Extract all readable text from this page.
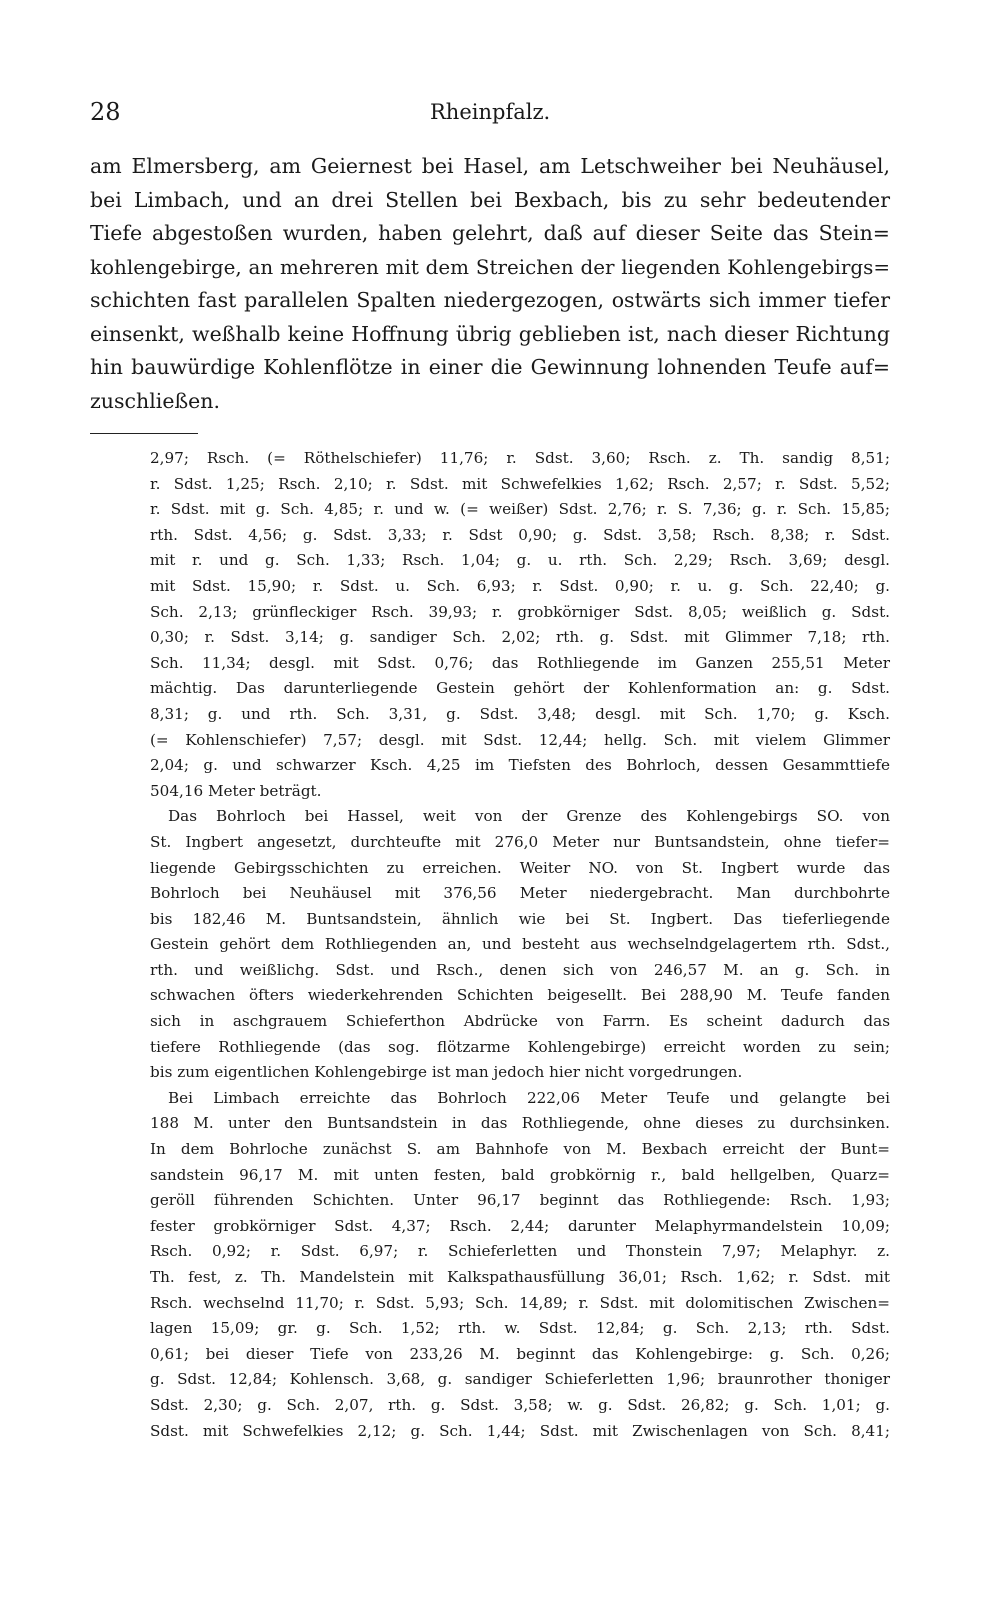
28	Rheinpfalz.
am Elmersberg, am Geiernest bei Hasel, am Letschweiher bei Neuhäusel,
bei Limbach, und an drei Stellen bei Bexbach, bis zu sehr bedeutender
Tiefe abgestoßen wurden, haben gelehrt, daß auf dieser Seite das Stein=
kohlengebirge, an mehreren mit dem Streichen der liegenden Kohlengebirgs=
schichten fast parallelen Spalten niedergezogen, ostwärts sich immer tiefer
einsenkt, weßhalb keine Hoffnung übrig geblieben ist, nach dieser Richtung
hin bauwürdige Kohlenflötze in einer die Gewinnung lohnenden Teufe auf=
zuschließen.
2,97; Rsch. (= Röthelschiefer) 11,76; r. Sdst. 3,60; Rsch. z. Th. sandig 8,51;
r. Sdst. 1,25; Rsch. 2,10; r. Sdst. mit Schwefelkies 1,62; Rsch. 2,57; r. Sdst. 5,52;
r. Sdst. mit g. Sch. 4,85; r. und w. (= weißer) Sdst. 2,76; r. S. 7,36; g. r. Sch. 15,85;
rth. Sdst. 4,56; g. Sdst. 3,33; r. Sdst 0,90; g. Sdst. 3,58; Rsch. 8,38; r. Sdst.
mit r. und g. Sch. 1,33; Rsch. 1,04; g. u. rth. Sch. 2,29; Rsch. 3,69; desgl.
mit Sdst. 15,90; r. Sdst. u. Sch. 6,93; r. Sdst. 0,90; r. u. g. Sch. 22,40; g.
Sch. 2,13; grünfleckiger Rsch. 39,93; r. grobkörniger Sdst. 8,05; weißlich g. Sdst.
0,30; r. Sdst. 3,14; g. sandiger Sch. 2,02; rth. g. Sdst. mit Glimmer 7,18; rth.
Sch. 11,34; desgl. mit Sdst. 0,76; das Rothliegende im Ganzen 255,51 Meter
mächtig. Das darunterliegende Gestein gehört der Kohlenformation an: g. Sdst.
8,31; g. und rth. Sch. 3,31, g. Sdst. 3,48; desgl. mit Sch. 1,70; g. Ksch.
(= Kohlenschiefer) 7,57; desgl. mit Sdst. 12,44; hellg. Sch. mit vielem Glimmer
2,04; g. und schwarzer Ksch. 4,25 im Tiefsten des Bohrloch, dessen Gesammttiefe
504,16 Meter beträgt.
Das Bohrloch bei Hassel, weit von der Grenze des Kohlengebirgs SO. von
St. Ingbert angesetzt, durchteufte mit 276,0 Meter nur Buntsandstein, ohne tiefer=
liegende Gebirgsschichten zu erreichen. Weiter NO. von St. Ingbert wurde das
Bohrloch bei Neuhäusel mit 376,56 Meter niedergebracht. Man durchbohrte
bis 182,46 M. Buntsandstein, ähnlich wie bei St. Ingbert. Das tieferliegende
Gestein gehört dem Rothliegenden an, und besteht aus wechselndgelagertem rth. Sdst.,
rth. und weißlichg. Sdst. und Rsch., denen sich von 246,57 M. an g. Sch. in
schwachen öfters wiederkehrenden Schichten beigesellt. Bei 288,90 M. Teufe fanden
sich in aschgrauem Schieferthon Abdrücke von Farrn. Es scheint dadurch das
tiefere Rothliegende (das sog. flötzarme Kohlengebirge) erreicht worden zu sein;
bis zum eigentlichen Kohlengebirge ist man jedoch hier nicht vorgedrungen.
Bei Limbach erreichte das Bohrloch 222,06 Meter Teufe und gelangte bei
188 M. unter den Buntsandstein in das Rothliegende, ohne dieses zu durchsinken.
In dem Bohrloche zunächst S. am Bahnhofe von M. Bexbach erreicht der Bunt=
sandstein 96,17 M. mit unten festen, bald grobkörnig r., bald hellgelben, Quarz=
geröll führenden Schichten. Unter 96,17 beginnt das Rothliegende: Rsch. 1,93;
fester grobkörniger Sdst. 4,37; Rsch. 2,44; darunter Melaphyrmandelstein 10,09;
Rsch. 0,92; r. Sdst. 6,97; r. Schieferletten und Thonstein 7,97; Melaphyr. z.
Th. fest, z. Th. Mandelstein mit Kalkspathausfüllung 36,01; Rsch. 1,62; r. Sdst. mit
Rsch. wechselnd 11,70; r. Sdst. 5,93; Sch. 14,89; r. Sdst. mit dolomitischen Zwischen=
lagen 15,09; gr. g. Sch. 1,52; rth. w. Sdst. 12,84; g. Sch. 2,13; rth. Sdst.
0,61; bei dieser Tiefe von 233,26 M. beginnt das Kohlengebirge: g. Sch. 0,26;
g. Sdst. 12,84; Kohlensch. 3,68, g. sandiger Schieferletten 1,96; braunrother thoniger
Sdst. 2,30; g. Sch. 2,07, rth. g. Sdst. 3,58; w. g. Sdst. 26,82; g. Sch. 1,01; g.
Sdst. mit Schwefelkies 2,12; g. Sch. 1,44; Sdst. mit Zwischenlagen von Sch. 8,41;
